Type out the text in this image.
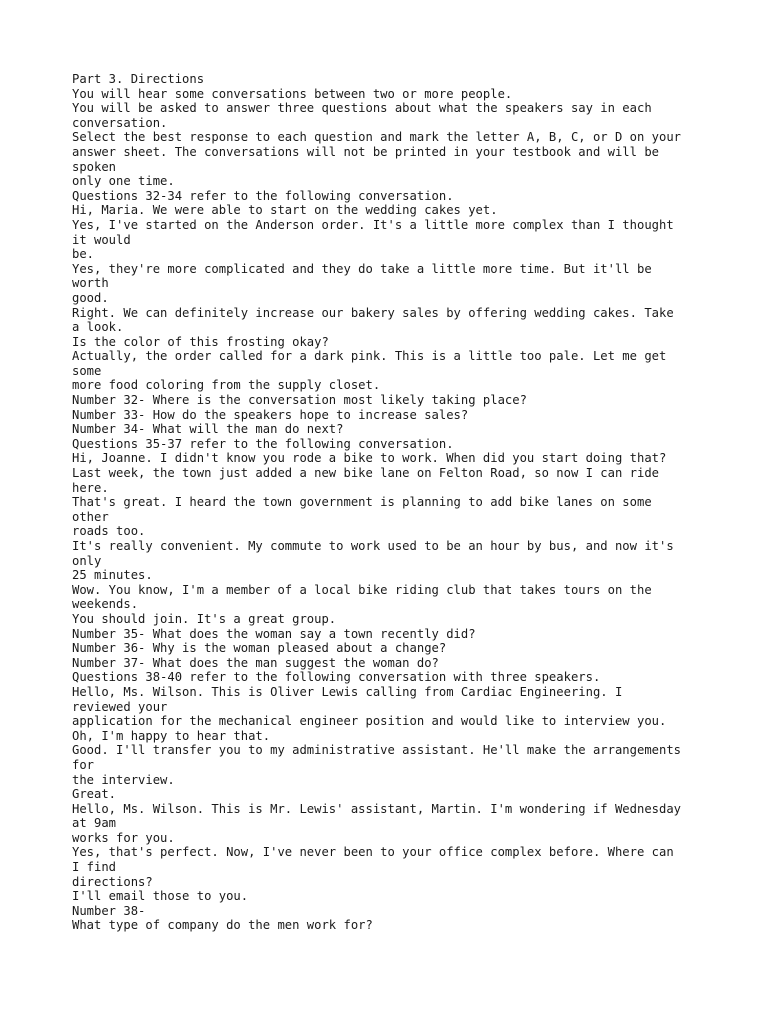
Part 3. Directions
You will hear some conversations between two or more people.
You will be asked to answer three questions about what the speakers say in each
conversation.
Select the best response to each question and mark the letter A, B, C, or D on your
answer sheet. The conversations will not be printed in your testbook and will be
spoken
only one time.
Questions 32-34 refer to the following conversation.
Hi, Maria. We were able to start on the wedding cakes yet.
Yes, I've started on the Anderson order. It's a little more complex than I thought
it would
be.
Yes, they're more complicated and they do take a little more time. But it'll be
worth
good.
Right. We can definitely increase our bakery sales by offering wedding cakes. Take
a look.
Is the color of this frosting okay?
Actually, the order called for a dark pink. This is a little too pale. Let me get
some
more food coloring from the supply closet.
Number 32- Where is the conversation most likely taking place?
Number 33- How do the speakers hope to increase sales?
Number 34- What will the man do next?
Questions 35-37 refer to the following conversation.
Hi, Joanne. I didn't know you rode a bike to work. When did you start doing that?
Last week, the town just added a new bike lane on Felton Road, so now I can ride
here.
That's great. I heard the town government is planning to add bike lanes on some
other
roads too.
It's really convenient. My commute to work used to be an hour by bus, and now it's
only
25 minutes.
Wow. You know, I'm a member of a local bike riding club that takes tours on the
weekends.
You should join. It's a great group.
Number 35- What does the woman say a town recently did?
Number 36- Why is the woman pleased about a change?
Number 37- What does the man suggest the woman do?
Questions 38-40 refer to the following conversation with three speakers.
Hello, Ms. Wilson. This is Oliver Lewis calling from Cardiac Engineering. I
reviewed your
application for the mechanical engineer position and would like to interview you.
Oh, I'm happy to hear that.
Good. I'll transfer you to my administrative assistant. He'll make the arrangements
for
the interview.
Great.
Hello, Ms. Wilson. This is Mr. Lewis' assistant, Martin. I'm wondering if Wednesday
at 9am
works for you.
Yes, that's perfect. Now, I've never been to your office complex before. Where can
I find
directions?
I'll email those to you.
Number 38-
What type of company do the men work for?
